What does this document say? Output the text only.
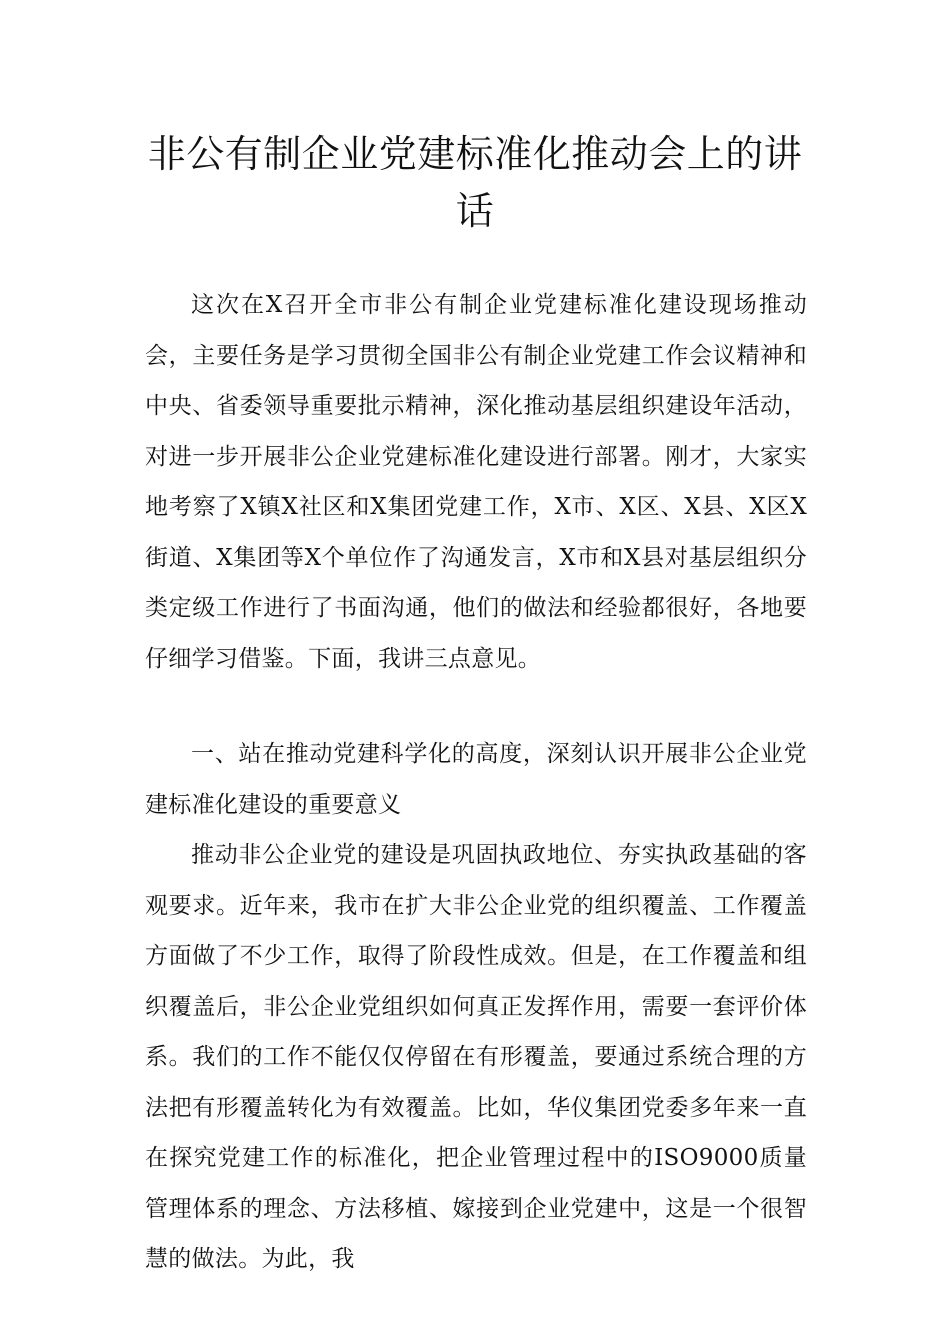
非公有制企业党建标准化推动会上的讲话

这次在X召开全市非公有制企业党建标准化建设现场推动会，主要任务是学习贯彻全国非公有制企业党建工作会议精神和中央、省委领导重要批示精神，深化推动基层组织建设年活动，对进一步开展非公企业党建标准化建设进行部署。刚才，大家实地考察了X镇X社区和X集团党建工作，X市、X区、X县、X区X街道、X集团等X个单位作了沟通发言，X市和X县对基层组织分类定级工作进行了书面沟通，他们的做法和经验都很好，各地要仔细学习借鉴。下面，我讲三点意见。

一、站在推动党建科学化的高度，深刻认识开展非公企业党建标准化建设的重要意义

推动非公企业党的建设是巩固执政地位、夯实执政基础的客观要求。近年来，我市在扩大非公企业党的组织覆盖、工作覆盖方面做了不少工作，取得了阶段性成效。但是，在工作覆盖和组织覆盖后，非公企业党组织如何真正发挥作用，需要一套评价体系。我们的工作不能仅仅停留在有形覆盖，要通过系统合理的方法把有形覆盖转化为有效覆盖。比如，华仪集团党委多年来一直在探究党建工作的标准化，把企业管理过程中的ISO9000质量管理体系的理念、方法移植、嫁接到企业党建中，这是一个很智慧的做法。为此，我
